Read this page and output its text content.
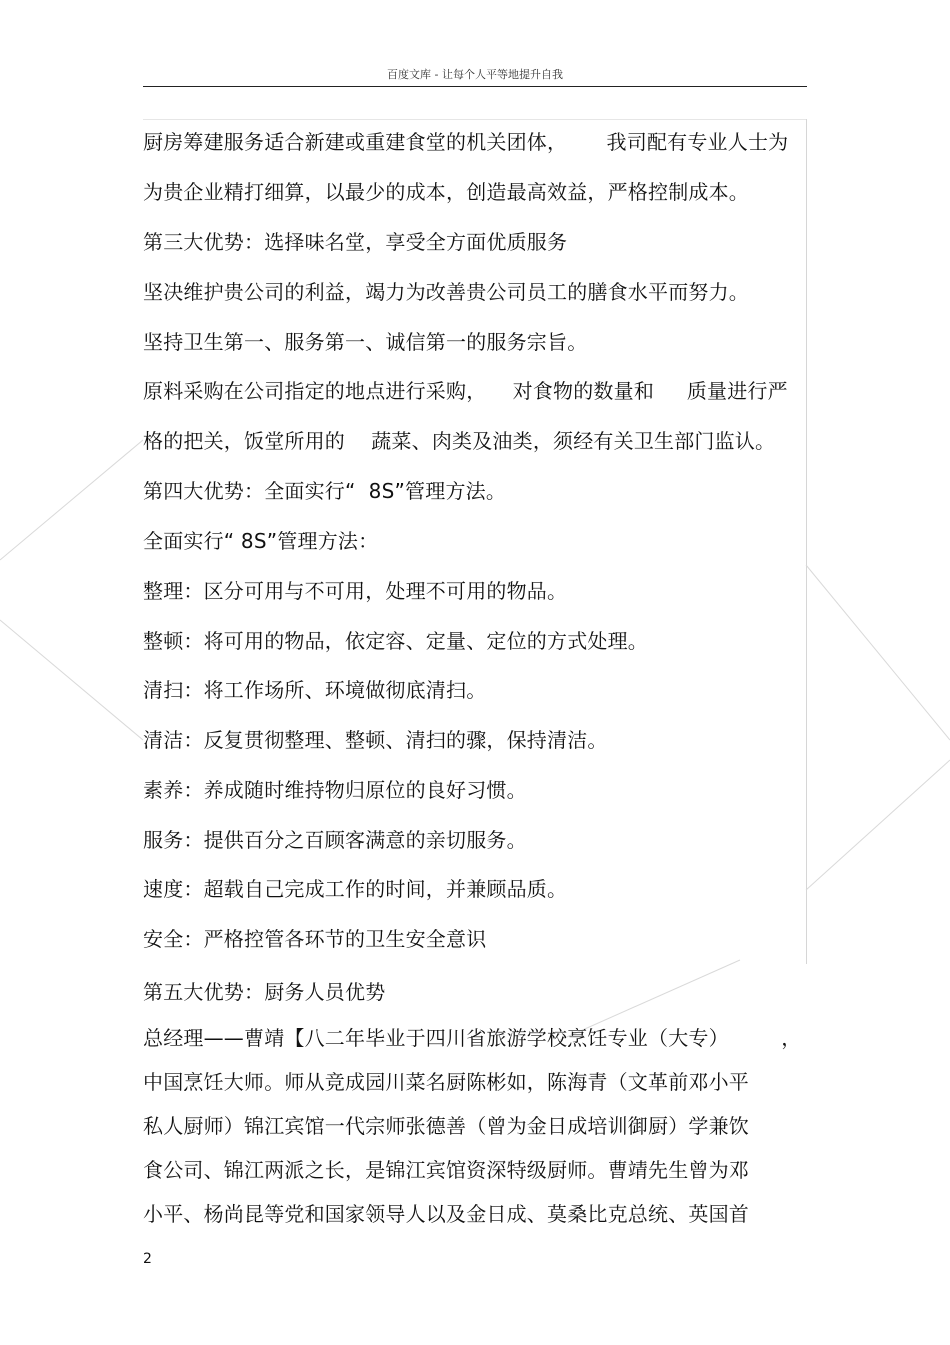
百度文库 - 让每个人平等地提升自我
厨房筹建服务适合新建或重建食堂的机关团体，      我司配有专业人士为
为贵企业精打细算，以最少的成本，创造最高效益，严格控制成本。
第三大优势：选择味名堂，享受全方面优质服务
坚决维护贵公司的利益，竭力为改善贵公司员工的膳食水平而努力。
坚持卫生第一、服务第一、诚信第一的服务宗旨。
原料采购在公司指定的地点进行采购，    对食物的数量和     质量进行严
格的把关，饭堂所用的    蔬菜、肉类及油类，须经有关卫生部门监认。
第四大优势：全面实行“  8S”管理方法。
全面实行“ 8S”管理方法：
整理：区分可用与不可用，处理不可用的物品。
整顿：将可用的物品，依定容、定量、定位的方式处理。
清扫：将工作场所、环境做彻底清扫。
清洁：反复贯彻整理、整顿、清扫的骤，保持清洁。
素养：养成随时维持物归原位的良好习惯。
服务：提供百分之百顾客满意的亲切服务。
速度：超载自己完成工作的时间，并兼顾品质。
安全：严格控管各环节的卫生安全意识
第五大优势：厨务人员优势
总经理——曹靖【八二年毕业于四川省旅游学校烹饪专业（大专）        ，
中国烹饪大师。师从竞成园川菜名厨陈彬如，陈海青（文革前邓小平
私人厨师）锦江宾馆一代宗师张德善（曾为金日成培训御厨）学兼饮
食公司、锦江两派之长，是锦江宾馆资深特级厨师。曹靖先生曾为邓
小平、杨尚昆等党和国家领导人以及金日成、莫桑比克总统、英国首
2
